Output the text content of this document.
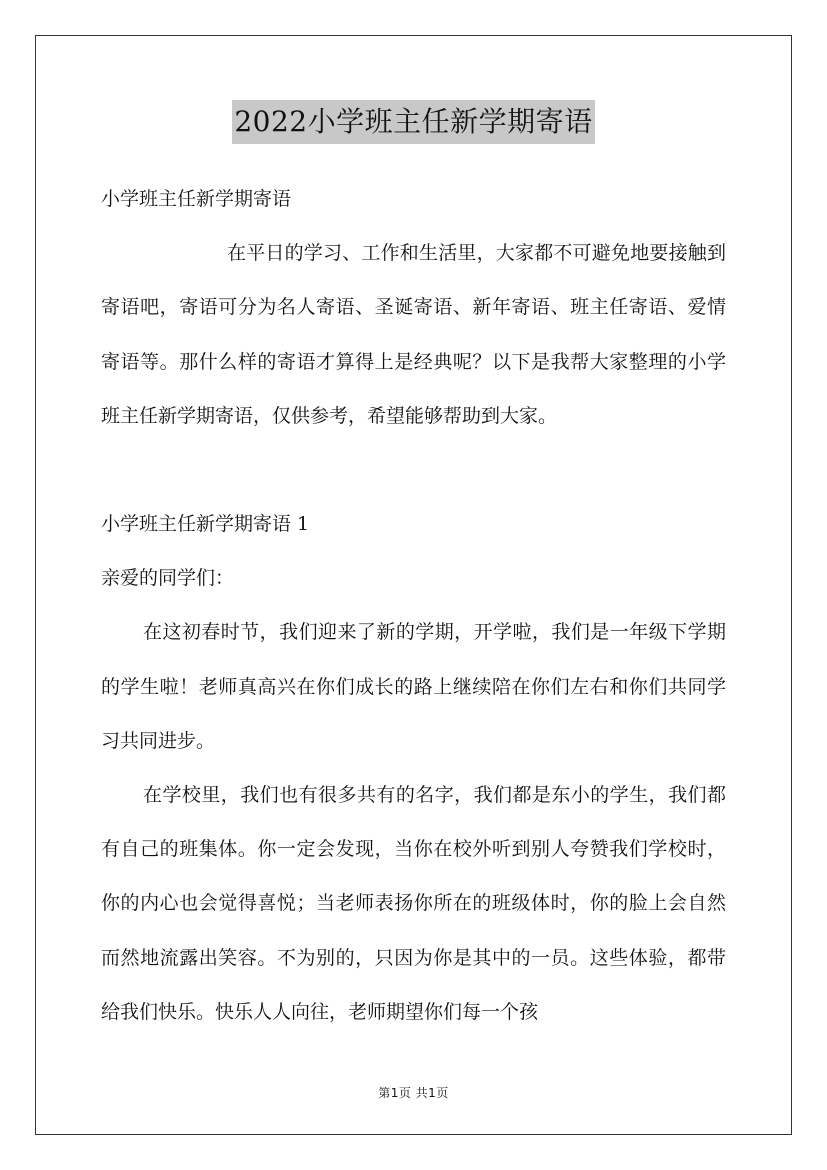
2022小学班主任新学期寄语

小学班主任新学期寄语

在平日的学习、工作和生活里，大家都不可避免地要接触到寄语吧，寄语可分为名人寄语、圣诞寄语、新年寄语、班主任寄语、爱情寄语等。那什么样的寄语才算得上是经典呢？以下是我帮大家整理的小学班主任新学期寄语，仅供参考，希望能够帮助到大家。

小学班主任新学期寄语 1

亲爱的同学们：

在这初春时节，我们迎来了新的学期，开学啦，我们是一年级下学期的学生啦！老师真高兴在你们成长的路上继续陪在你们左右和你们共同学习共同进步。

在学校里，我们也有很多共有的名字，我们都是东小的学生，我们都有自己的班集体。你一定会发现，当你在校外听到别人夸赞我们学校时，你的内心也会觉得喜悦；当老师表扬你所在的班级体时，你的脸上会自然而然地流露出笑容。不为别的，只因为你是其中的一员。这些体验，都带给我们快乐。快乐人人向往，老师期望你们每一个孩

第1页 共1页
